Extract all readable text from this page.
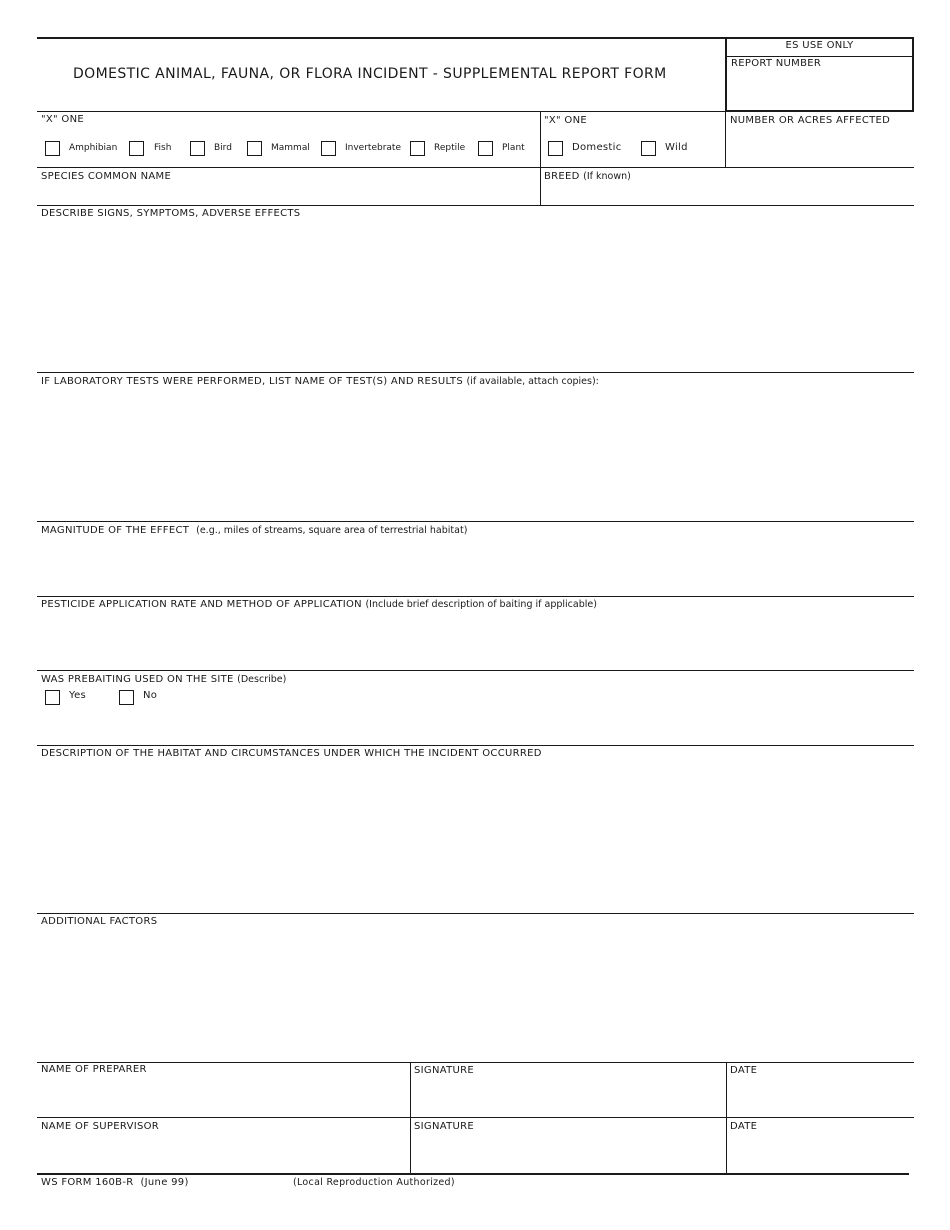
DOMESTIC ANIMAL, FAUNA, OR FLORA INCIDENT - SUPPLEMENTAL REPORT FORM
ES USE ONLY
REPORT NUMBER
"X" ONE
Amphibian	Fish	Bird	Mammal	Invertebrate	Reptile	Plant
"X" ONE
Domestic	Wild
NUMBER OR ACRES AFFECTED
SPECIES COMMON NAME	BREED (If known)
DESCRIBE SIGNS, SYMPTOMS, ADVERSE EFFECTS
IF LABORATORY TESTS WERE PERFORMED, LIST NAME OF TEST(S) AND RESULTS (if available, attach copies):
MAGNITUDE OF THE EFFECT (e.g., miles of streams, square area of terrestrial habitat)
PESTICIDE APPLICATION RATE AND METHOD OF APPLICATION (Include brief description of baiting if applicable)
WAS PREBAITING USED ON THE SITE (Describe)
Yes	No
DESCRIPTION OF THE HABITAT AND CIRCUMSTANCES UNDER WHICH THE INCIDENT OCCURRED
ADDITIONAL FACTORS
NAME OF PREPARER	SIGNATURE	DATE
NAME OF SUPERVISOR	SIGNATURE	DATE
WS FORM 160B-R (June 99)	(Local Reproduction Authorized)
